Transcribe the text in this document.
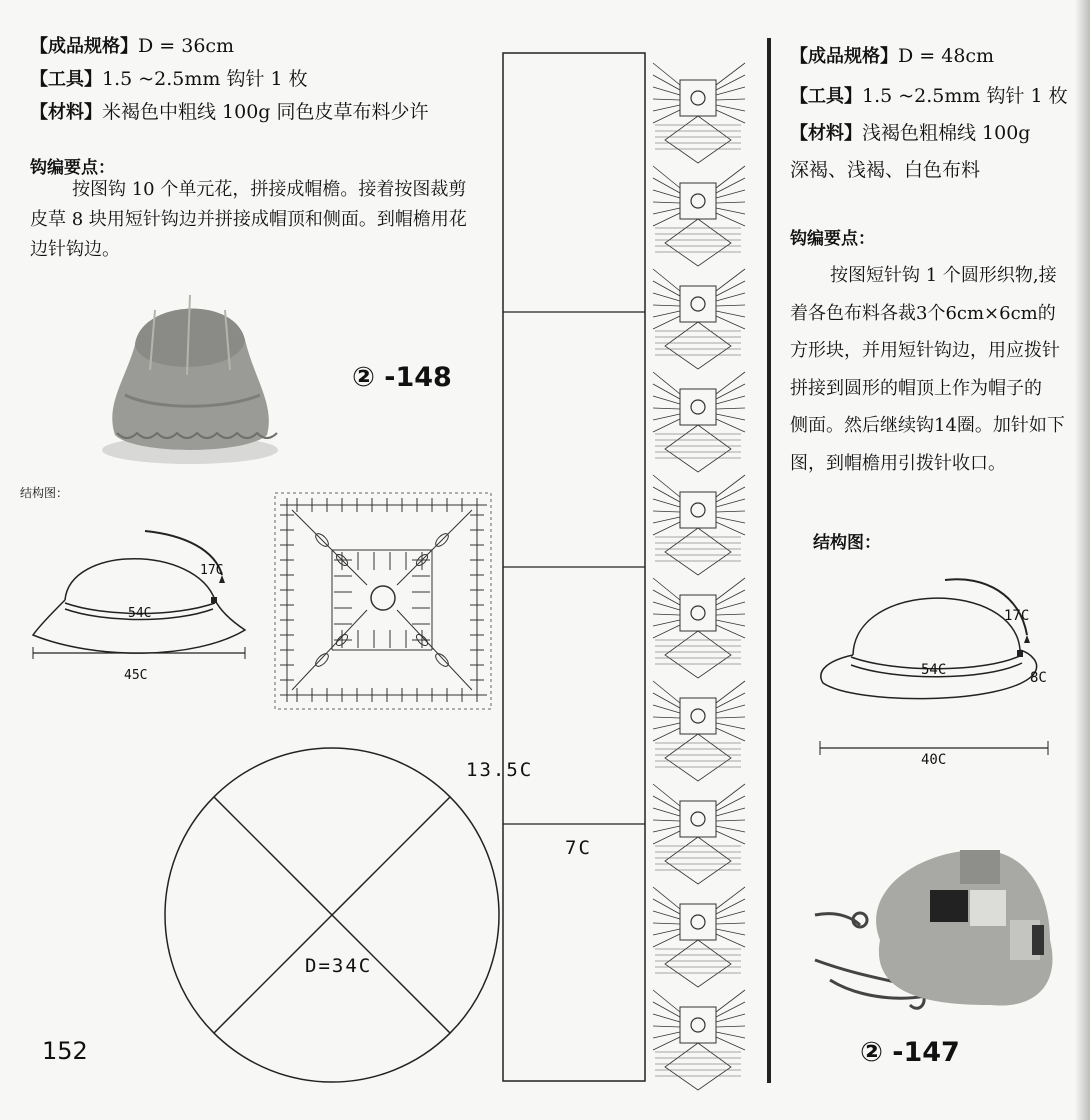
【成品规格】D = 36cm
【工具】1.5 ~2.5mm 钩针 1 枚
【材料】米褐色中粗线 100g 同色皮草布料少许
钩编要点：
按图钩 10 个单元花，拼接成帽檐。接着按图裁剪皮草 8 块用短针钩边并拼接成帽顶和侧面。到帽檐用花边针钩边。
② -148
结构图：
17C
54C
45C
D=34C
13.5C
7C
152
【成品规格】D = 48cm
【工具】1.5 ~2.5mm 钩针 1 枚
【材料】浅褐色粗棉线 100g
深褐、浅褐、白色布料
钩编要点：
按图短针钩 1 个圆形织物,接
着各色布料各裁3个6cm×6cm的
方形块，并用短针钩边，用应拨针
拼接到圆形的帽顶上作为帽子的
侧面。然后继续钩14圈。加针如下
图，到帽檐用引拨针收口。
结构图：
17C
54C	8C
40C
② -147
